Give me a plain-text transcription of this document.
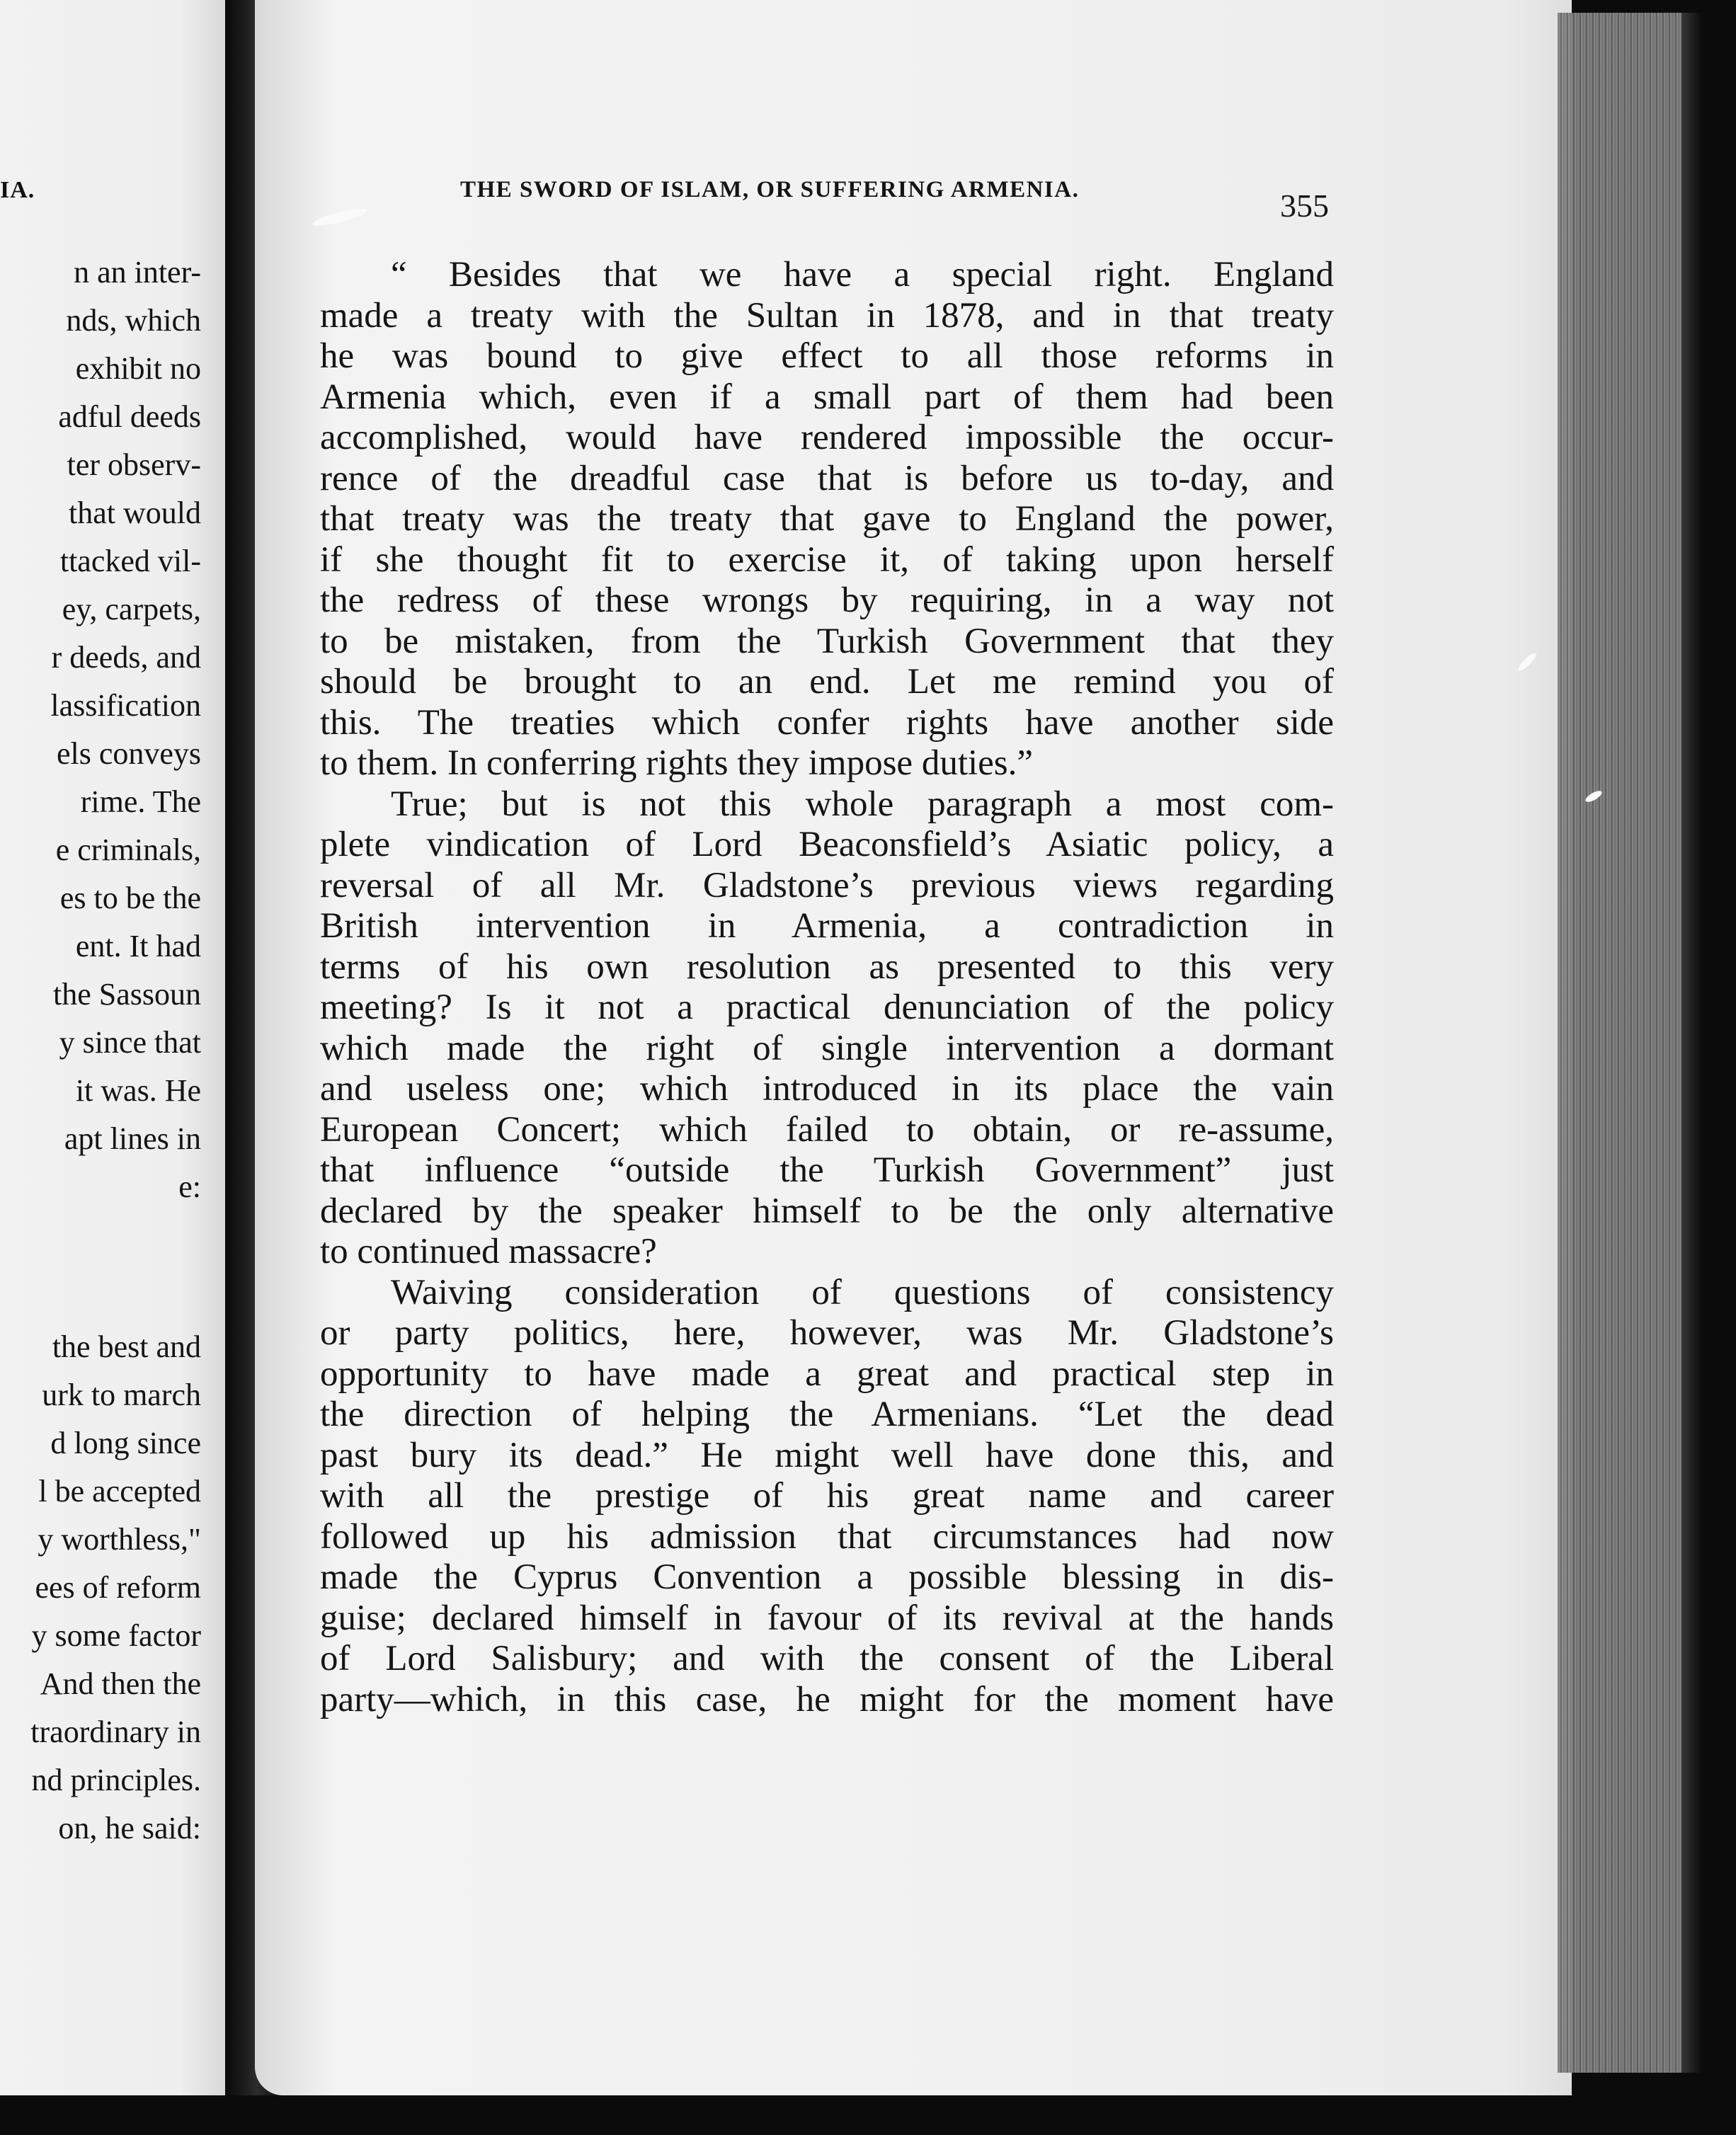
IA.
n an inter-
nds, which
exhibit no
adful deeds
ter observ-
that would
ttacked vil-
ey, carpets,
r deeds, and
lassification
els conveys
rime. The
e criminals,
es to be the
ent. It had
the Sassoun
y since that
it was. He
apt lines in
e:
the best and
urk to march
d long since
l be accepted
y worthless,"
ees of reform
y some factor
And then the
traordinary in
nd principles.
on, he said:
THE SWORD OF ISLAM, OR SUFFERING ARMENIA.	355
“ Besides that we have a special right. England
made a treaty with the Sultan in 1878, and in that treaty
he was bound to give effect to all those reforms in
Armenia which, even if a small part of them had been
accomplished, would have rendered impossible the occur-
rence of the dreadful case that is before us to-day, and
that treaty was the treaty that gave to England the power,
if she thought fit to exercise it, of taking upon herself
the redress of these wrongs by requiring, in a way not
to be mistaken, from the Turkish Government that they
should be brought to an end. Let me remind you of
this. The treaties which confer rights have another side
to them. In conferring rights they impose duties.”
True; but is not this whole paragraph a most com-
plete vindication of Lord Beaconsfield’s Asiatic policy, a
reversal of all Mr. Gladstone’s previous views regarding
British intervention in Armenia, a contradiction in
terms of his own resolution as presented to this very
meeting? Is it not a practical denunciation of the policy
which made the right of single intervention a dormant
and useless one; which introduced in its place the vain
European Concert; which failed to obtain, or re-assume,
that influence “outside the Turkish Government” just
declared by the speaker himself to be the only alternative
to continued massacre?
Waiving consideration of questions of consistency
or party politics, here, however, was Mr. Gladstone’s
opportunity to have made a great and practical step in
the direction of helping the Armenians. “Let the dead
past bury its dead.” He might well have done this, and
with all the prestige of his great name and career
followed up his admission that circumstances had now
made the Cyprus Convention a possible blessing in dis-
guise; declared himself in favour of its revival at the hands
of Lord Salisbury; and with the consent of the Liberal
party—which, in this case, he might for the moment have
